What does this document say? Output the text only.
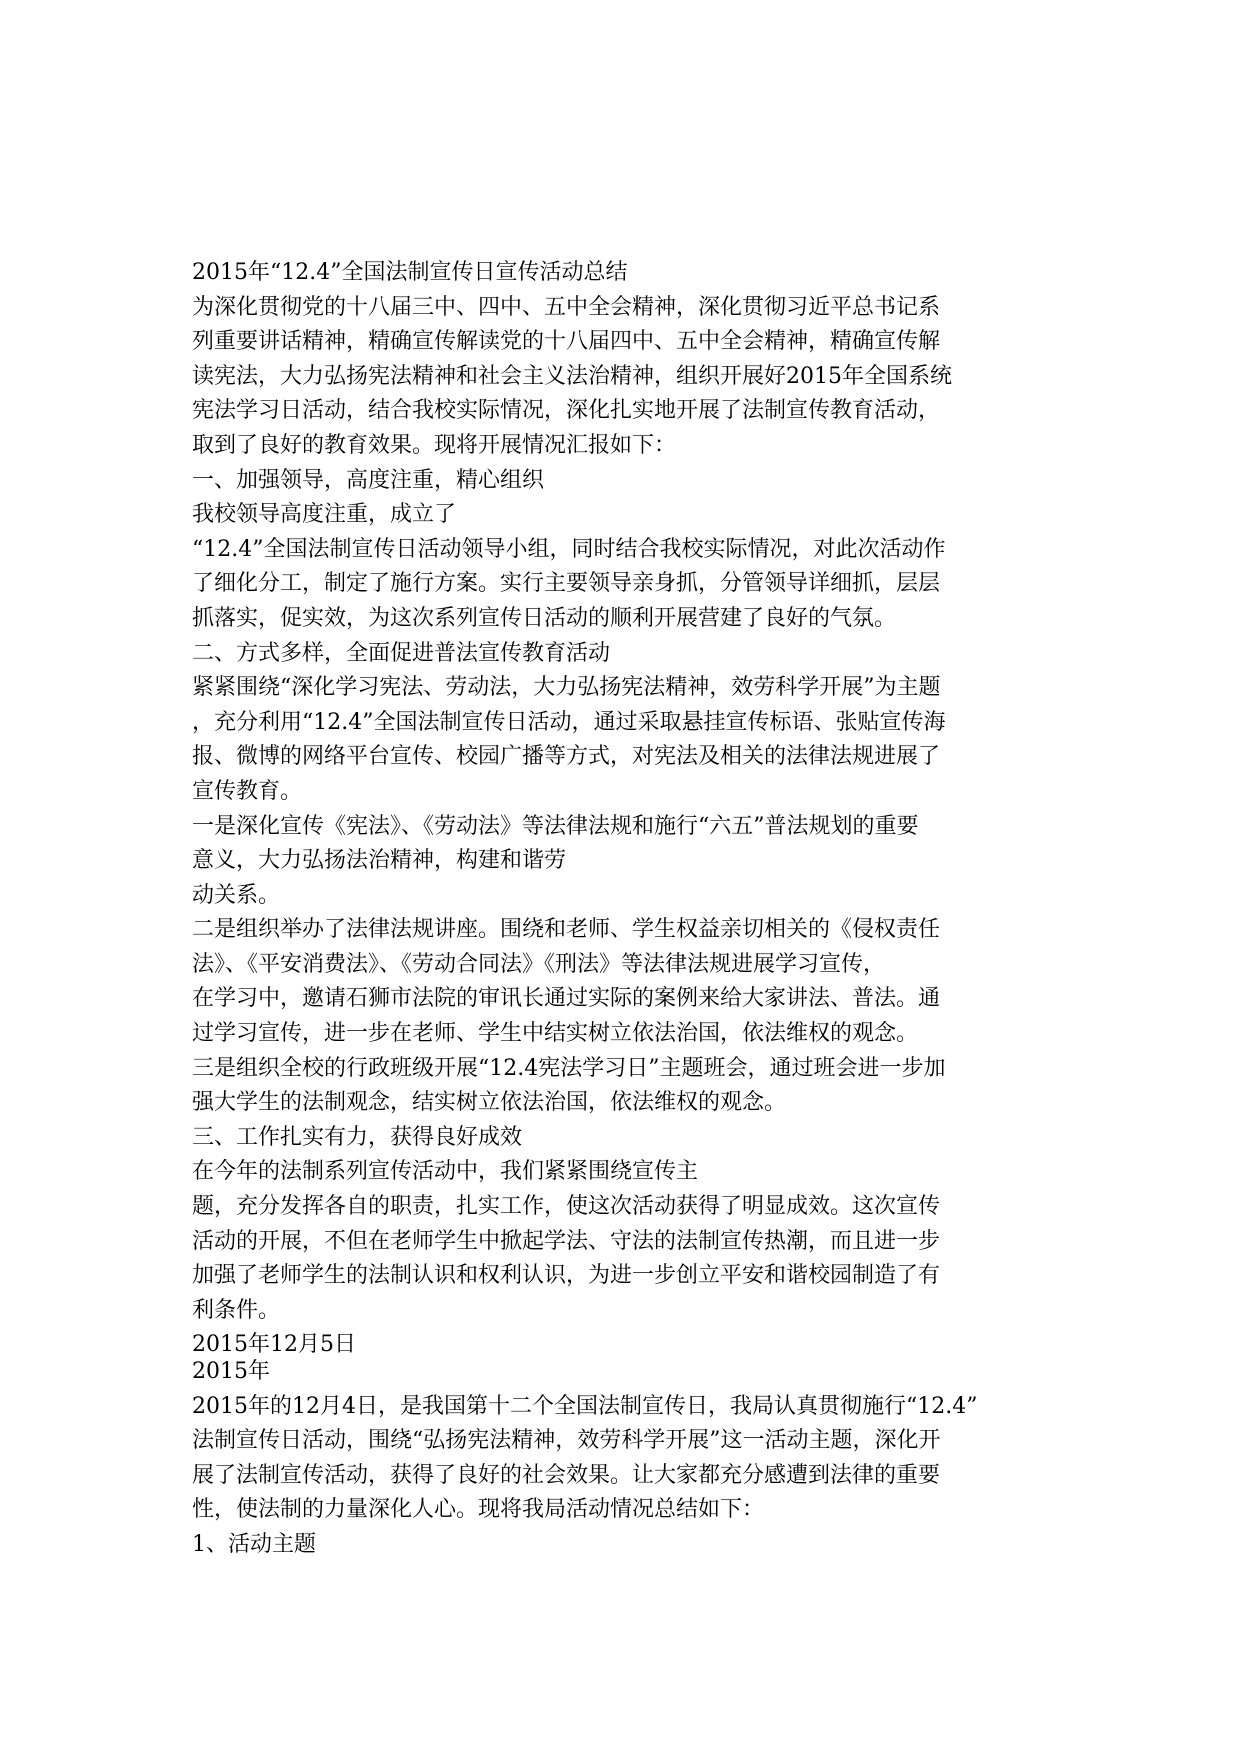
2015年“12.4”全国法制宣传日宣传活动总结
为深化贯彻党的十八届三中、四中、五中全会精神，深化贯彻习近平总书记系
列重要讲话精神，精确宣传解读党的十八届四中、五中全会精神，精确宣传解
读宪法，大力弘扬宪法精神和社会主义法治精神，组织开展好2015年全国系统
宪法学习日活动，结合我校实际情况，深化扎实地开展了法制宣传教育活动，
取到了良好的教育效果。现将开展情况汇报如下：
一、加强领导，高度注重，精心组织
我校领导高度注重，成立了
“12.4”全国法制宣传日活动领导小组，同时结合我校实际情况，对此次活动作
了细化分工，制定了施行方案。实行主要领导亲身抓，分管领导详细抓，层层
抓落实，促实效，为这次系列宣传日活动的顺利开展营建了良好的气氛。
二、方式多样，全面促进普法宣传教育活动
紧紧围绕“深化学习宪法、劳动法，大力弘扬宪法精神，效劳科学开展”为主题
，充分利用“12.4”全国法制宣传日活动，通过采取悬挂宣传标语、张贴宣传海
报、微博的网络平台宣传、校园广播等方式，对宪法及相关的法律法规进展了
宣传教育。
一是深化宣传《宪法》、《劳动法》等法律法规和施行“六五”普法规划的重要
意义，大力弘扬法治精神，构建和谐劳
动关系。
二是组织举办了法律法规讲座。围绕和老师、学生权益亲切相关的《侵权责任
法》、《平安消费法》、《劳动合同法》《刑法》等法律法规进展学习宣传，
在学习中，邀请石狮市法院的审讯长通过实际的案例来给大家讲法、普法。通
过学习宣传，进一步在老师、学生中结实树立依法治国，依法维权的观念。
三是组织全校的行政班级开展“12.4宪法学习日”主题班会，通过班会进一步加
强大学生的法制观念，结实树立依法治国，依法维权的观念。
三、工作扎实有力，获得良好成效
在今年的法制系列宣传活动中，我们紧紧围绕宣传主
题，充分发挥各自的职责，扎实工作，使这次活动获得了明显成效。这次宣传
活动的开展，不但在老师学生中掀起学法、守法的法制宣传热潮，而且进一步
加强了老师学生的法制认识和权利认识，为进一步创立平安和谐校园制造了有
利条件。
2015年12月5日
2015年
2015年的12月4日，是我国第十二个全国法制宣传日，我局认真贯彻施行“12.4”
法制宣传日活动，围绕“弘扬宪法精神，效劳科学开展”这一活动主题，深化开
展了法制宣传活动，获得了良好的社会效果。让大家都充分感遭到法律的重要
性，使法制的力量深化人心。现将我局活动情况总结如下：
1、活动主题
